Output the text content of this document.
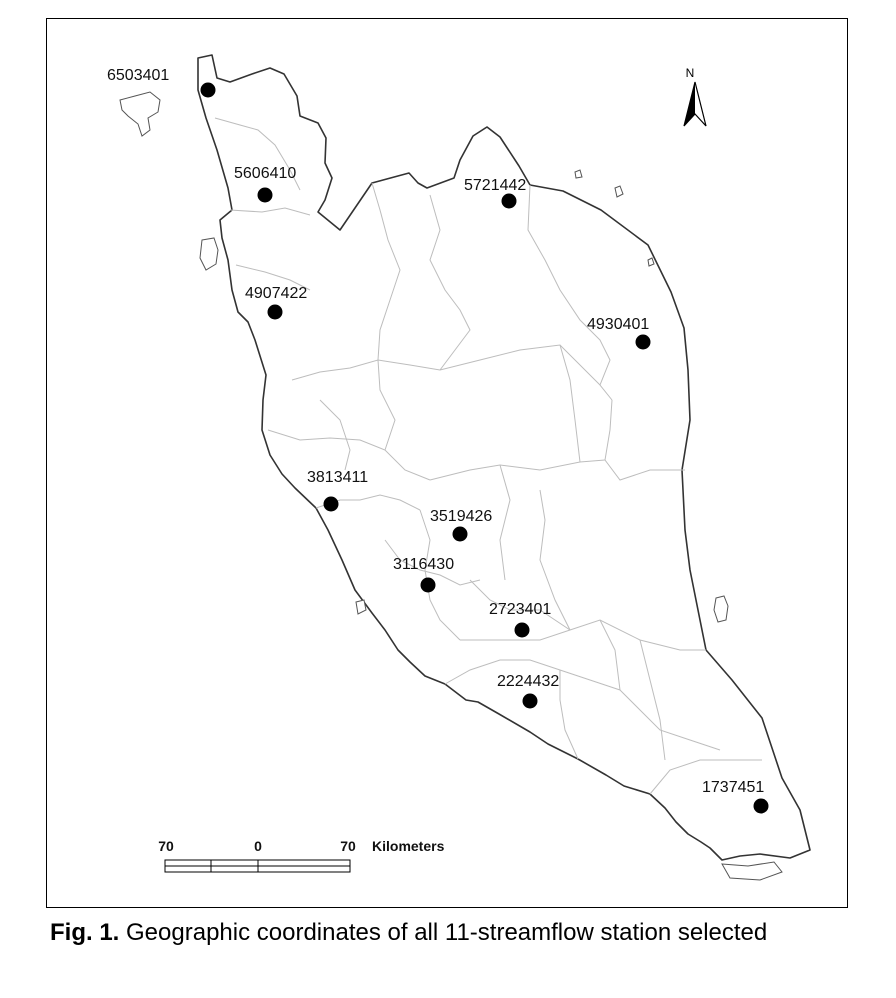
N
6503401
5606410
5721442
4907422
4930401
3813411
3519426
3116430
2723401
2224432
1737451
70	0	70 Kilometers
Fig. 1. Geographic coordinates of all 11-streamflow station selected
